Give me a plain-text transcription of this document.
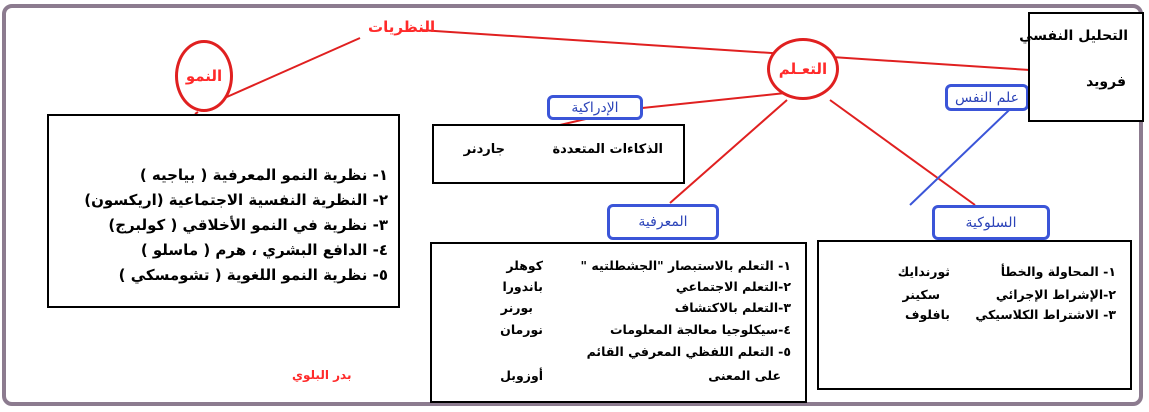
النظريات
النمو	التعـلم
علم النفس
الإدراكية
المعرفية	السلوكية
التحليل النفسي
فرويد
الذكاءات المتعددة
جاردنر
١- نظرية النمو المعرفية ( بياجيه )
٢- النظرية النفسية الاجتماعية (اريكسون)
٣- نظرية في النمو الأخلاقي ( كولبرج)
٤- الدافع البشري ، هرم ( ماسلو )
٥- نظرية النمو اللغوية ( تشومسكي )
بدر البلوي
١- التعلم بالاستبصار "الجشطلتيه "
كوهلر
٢-التعلم الاجتماعي
باندورا
٣-التعلم بالاكتشاف
بورنر
٤-سيكلوجيا معالجة المعلومات
نورمان
٥- التعلم اللفظي المعرفي القائم
على المعنى
أوزوبل
١- المحاولة والخطأ
ثورندايك
٢-الإشراط الإجرائي
سكينر
٣- الاشتراط الكلاسيكي
بافلوف
